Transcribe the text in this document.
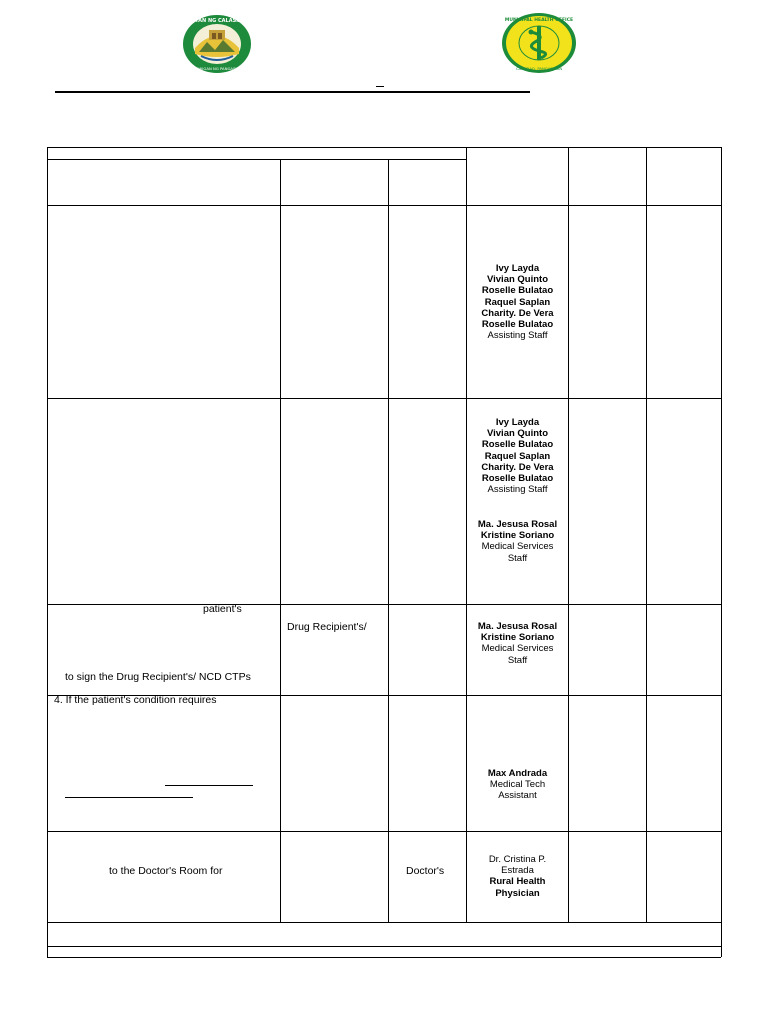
BAYAN NG CALASIAO
LALAWIGAN NG PANGASINAN
MUNICIPAL HEALTH OFFICE
CALASIAO, PANGASINAN
Ivy Layda
Vivian Quinto
Roselle Bulatao
Raquel Saplan
Charity. De Vera
Roselle Bulatao
Assisting Staff
Ivy Layda
Vivian Quinto
Roselle Bulatao
Raquel Saplan
Charity. De Vera
Roselle Bulatao
Assisting Staff
Ma. Jesusa Rosal
Kristine Soriano
Medical Services
Staff
patient's
to sign the Drug Recipient's/ NCD CTPs
Drug Recipient's/	Ma. Jesusa Rosal
Kristine Soriano
Medical Services
Staff
4. If the patient's condition requires
Max Andrada
Medical Tech
Assistant
to the Doctor's Room for	Doctor's
Dr. Cristina P.
Estrada
Rural Health
Physician
